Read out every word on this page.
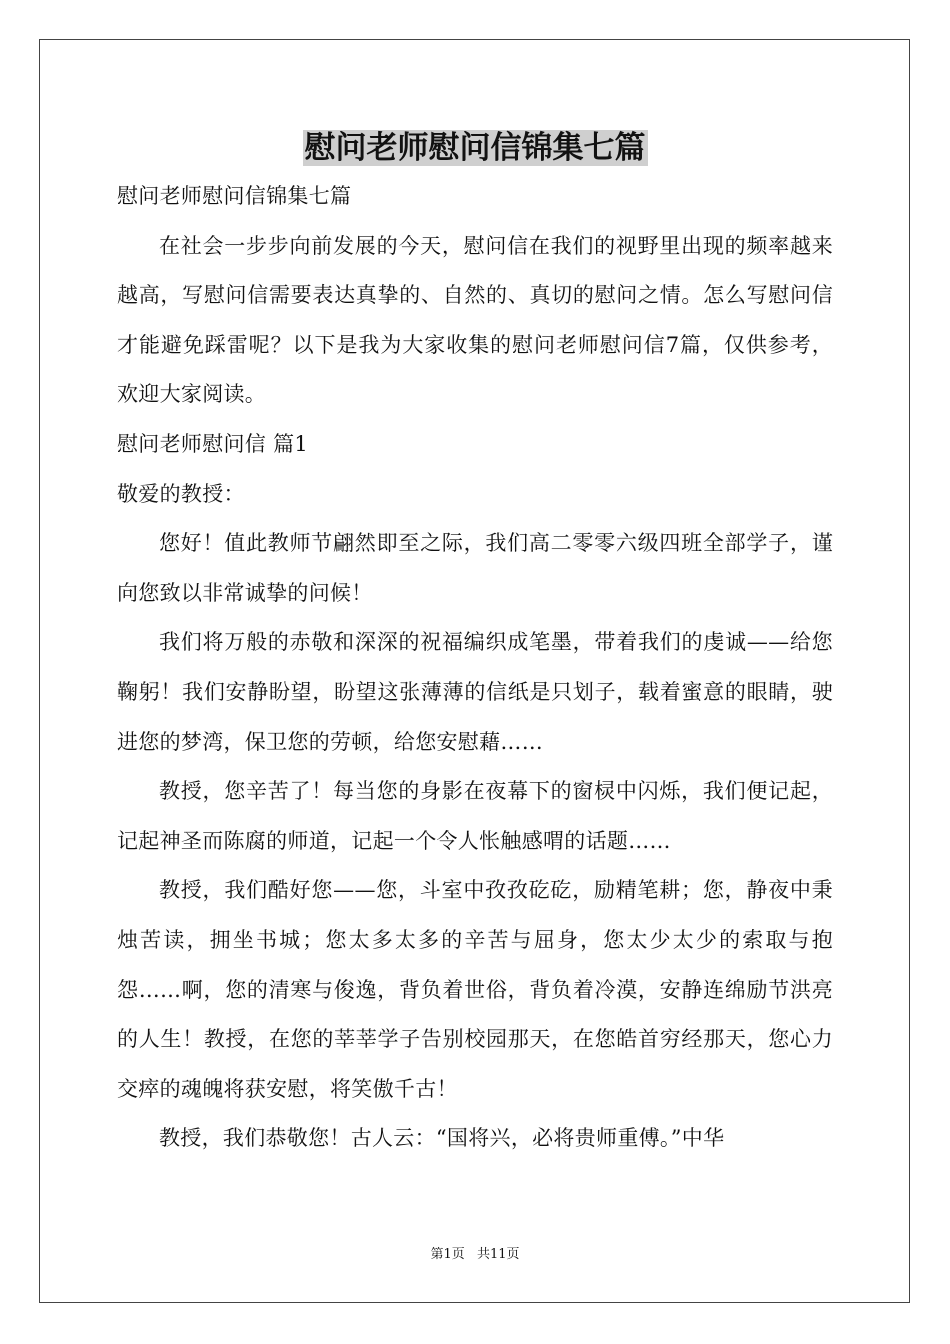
慰问老师慰问信锦集七篇

慰问老师慰问信锦集七篇

在社会一步步向前发展的今天，慰问信在我们的视野里出现的频率越来越高，写慰问信需要表达真挚的、自然的、真切的慰问之情。怎么写慰问信才能避免踩雷呢？以下是我为大家收集的慰问老师慰问信7篇，仅供参考，欢迎大家阅读。

慰问老师慰问信 篇1

敬爱的教授：

您好！值此教师节翩然即至之际，我们高二零零六级四班全部学子，谨向您致以非常诚挚的问候！

我们将万般的赤敬和深深的祝福编织成笔墨，带着我们的虔诚——给您鞠躬！我们安静盼望，盼望这张薄薄的信纸是只划子，载着蜜意的眼睛，驶进您的梦湾，保卫您的劳顿，给您安慰藉……

教授，您辛苦了！每当您的身影在夜幕下的窗棂中闪烁，我们便记起，记起神圣而陈腐的师道，记起一个令人怅触感喟的话题……

教授，我们酷好您——您，斗室中孜孜矻矻，励精笔耕；您，静夜中秉烛苦读，拥坐书城；您太多太多的辛苦与屈身，您太少太少的索取与抱怨……啊，您的清寒与俊逸，背负着世俗，背负着冷漠，安静连绵励节洪亮的人生！教授，在您的莘莘学子告别校园那天，在您皓首穷经那天，您心力交瘁的魂魄将获安慰，将笑傲千古！

教授，我们恭敬您！古人云：“国将兴，必将贵师重傅。”中华

第1页 共11页
